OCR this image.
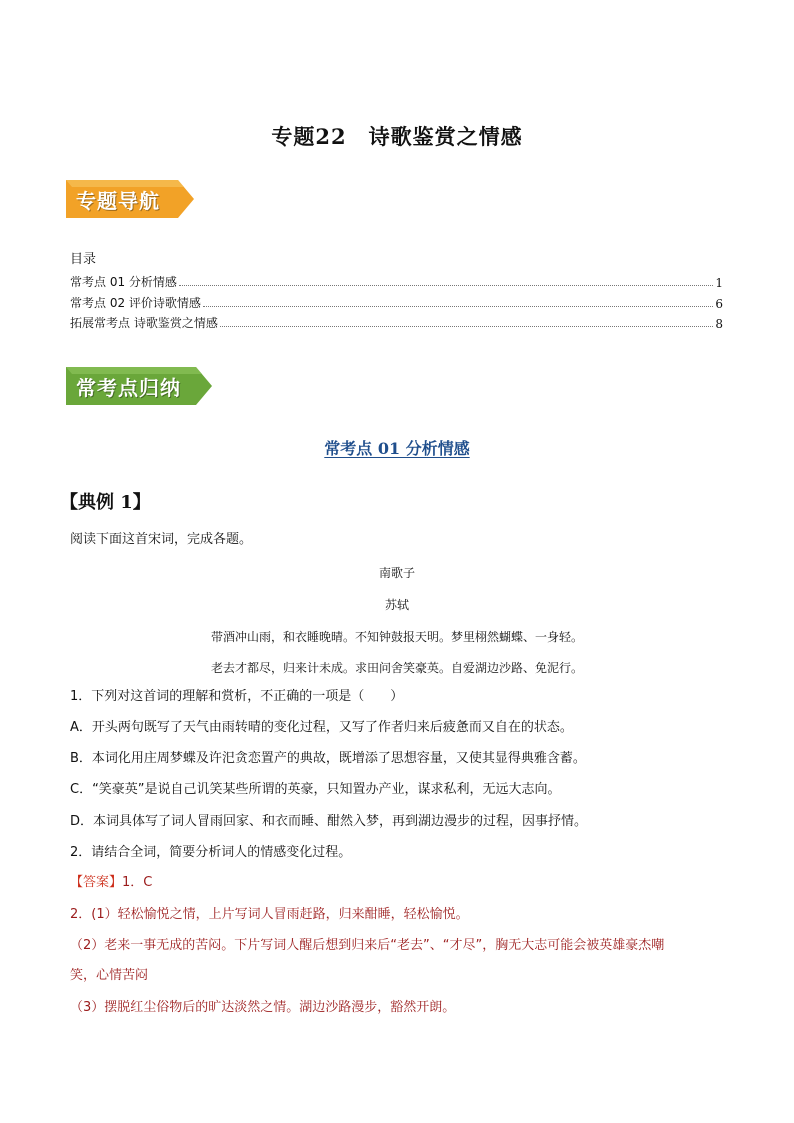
专题22　诗歌鉴赏之情感
专题导航
目录
常考点 01 分析情感	1
常考点 02 评价诗歌情感	6
拓展常考点 诗歌鉴赏之情感	8
常考点归纳
常考点 01 分析情感
【典例 1】
阅读下面这首宋词，完成各题。
南歌子
苏轼
带酒冲山雨，和衣睡晚晴。不知钟鼓报天明。梦里栩然蝴蝶、一身轻。
老去才都尽，归来计未成。求田问舍笑豪英。自爱湖边沙路、免泥行。
1．下列对这首词的理解和赏析，不正确的一项是（　　）
A．开头两句既写了天气由雨转晴的变化过程，又写了作者归来后疲惫而又自在的状态。
B．本词化用庄周梦蝶及许汜贪恋置产的典故，既增添了思想容量，又使其显得典雅含蓄。
C．“笑豪英”是说自己讥笑某些所谓的英豪，只知置办产业，谋求私利，无远大志向。
D．本词具体写了词人冒雨回家、和衣而睡、酣然入梦，再到湖边漫步的过程，因事抒情。
2．请结合全词，简要分析词人的情感变化过程。
【答案】1．C
2．(1）轻松愉悦之情，上片写词人冒雨赶路，归来酣睡，轻松愉悦。
（2）老来一事无成的苦闷。下片写词人醒后想到归来后“老去”、“才尽”，胸无大志可能会被英雄豪杰嘲
笑，心情苦闷
（3）摆脱红尘俗物后的旷达淡然之情。湖边沙路漫步，豁然开朗。
